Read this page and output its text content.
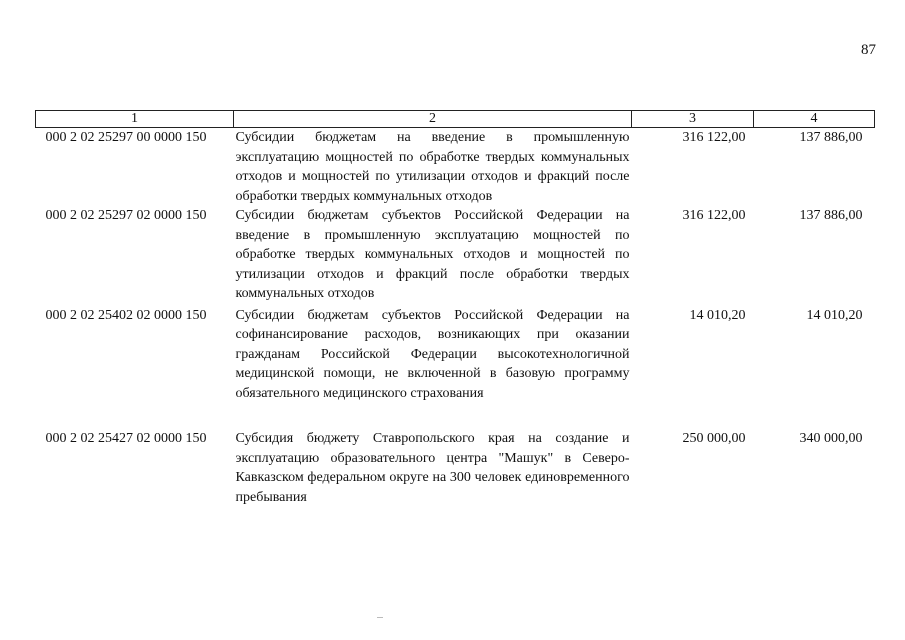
87
1	2	3	4
000 2 02 25297 00 0000 150	Субсидии бюджетам на введение в промышленную эксплуатацию мощностей по обработке твердых коммунальных отходов и мощностей по утилизации отходов и фракций после обработки твердых коммунальных отходов	316 122,00	137 886,00
000 2 02 25297 02 0000 150	Субсидии бюджетам субъектов Российской Федерации на введение в промышленную эксплуатацию мощностей по обработке твердых коммунальных отходов и мощностей по утилизации отходов и фракций после обработки твердых коммунальных отходов	316 122,00	137 886,00
000 2 02 25402 02 0000 150	Субсидии бюджетам субъектов Российской Федерации на софинансирование расходов, возникающих при оказании гражданам Российской Федерации высокотехнологичной медицинской помощи, не включенной в базовую программу обязательного медицинского страхования	14 010,20	14 010,20
000 2 02 25427 02 0000 150	Субсидия бюджету Ставропольского края на создание и эксплуатацию образовательного центра "Машук" в Северо-Кавказском федеральном округе на 300 человек единовременного пребывания	250 000,00	340 000,00
